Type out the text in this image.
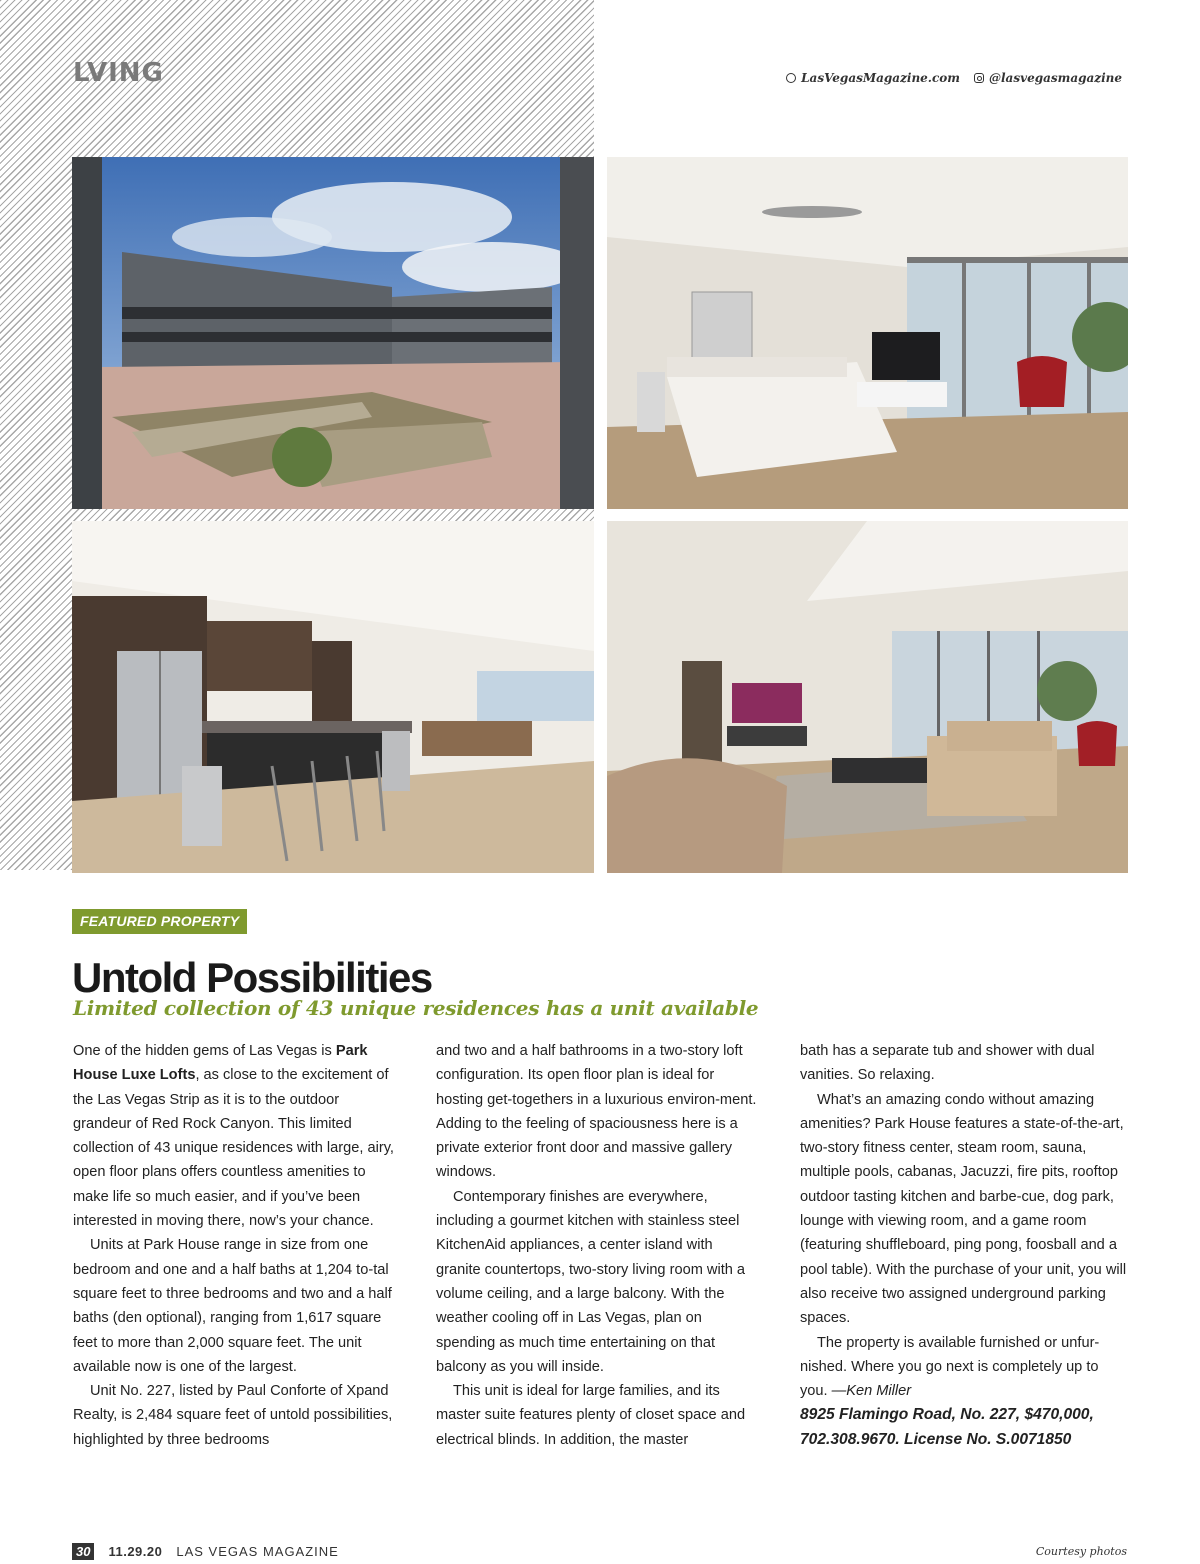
LVING	LasVegasMagazine.com @lasvegasmagazine
FEATURED PROPERTY
Untold Possibilities
Limited collection of 43 unique residences has a unit available

One of the hidden gems of Las Vegas is Park House Luxe Lofts, as close to the excitement of the Las Vegas Strip as it is to the outdoor grandeur of Red Rock Canyon. This limited collection of 43 unique residences with large, airy, open floor plans offers countless amenities to make life so much easier, and if you’ve been interested in moving there, now’s your chance.

Units at Park House range in size from one bedroom and one and a half baths at 1,204 to-tal square feet to three bedrooms and two and a half baths (den optional), ranging from 1,617 square feet to more than 2,000 square feet. The unit available now is one of the largest.

Unit No. 227, listed by Paul Conforte of Xpand Realty, is 2,484 square feet of untold possibilities, highlighted by three bedrooms

and two and a half bathrooms in a two-story loft configuration. Its open floor plan is ideal for hosting get-togethers in a luxurious environ-ment. Adding to the feeling of spaciousness here is a private exterior front door and massive gallery windows.

Contemporary finishes are everywhere, including a gourmet kitchen with stainless steel KitchenAid appliances, a center island with granite countertops, two-story living room with a volume ceiling, and a large balcony. With the weather cooling off in Las Vegas, plan on spending as much time entertaining on that balcony as you will inside.

This unit is ideal for large families, and its master suite features plenty of closet space and electrical blinds. In addition, the master

bath has a separate tub and shower with dual vanities. So relaxing.

What’s an amazing condo without amazing amenities? Park House features a state-of-the-art, two-story fitness center, steam room, sauna, multiple pools, cabanas, Jacuzzi, fire pits, rooftop outdoor tasting kitchen and barbe-cue, dog park, lounge with viewing room, and a game room (featuring shuffleboard, ping pong, foosball and a pool table). With the purchase of your unit, you will also receive two assigned underground parking spaces.

The property is available furnished or unfur-nished. Where you go next is completely up to you. —Ken Miller

8925 Flamingo Road, No. 227, $470,000,
702.308.9670. License No. S.0071850

30	11.29.20 LAS VEGAS MAGAZINE	Courtesy photos
